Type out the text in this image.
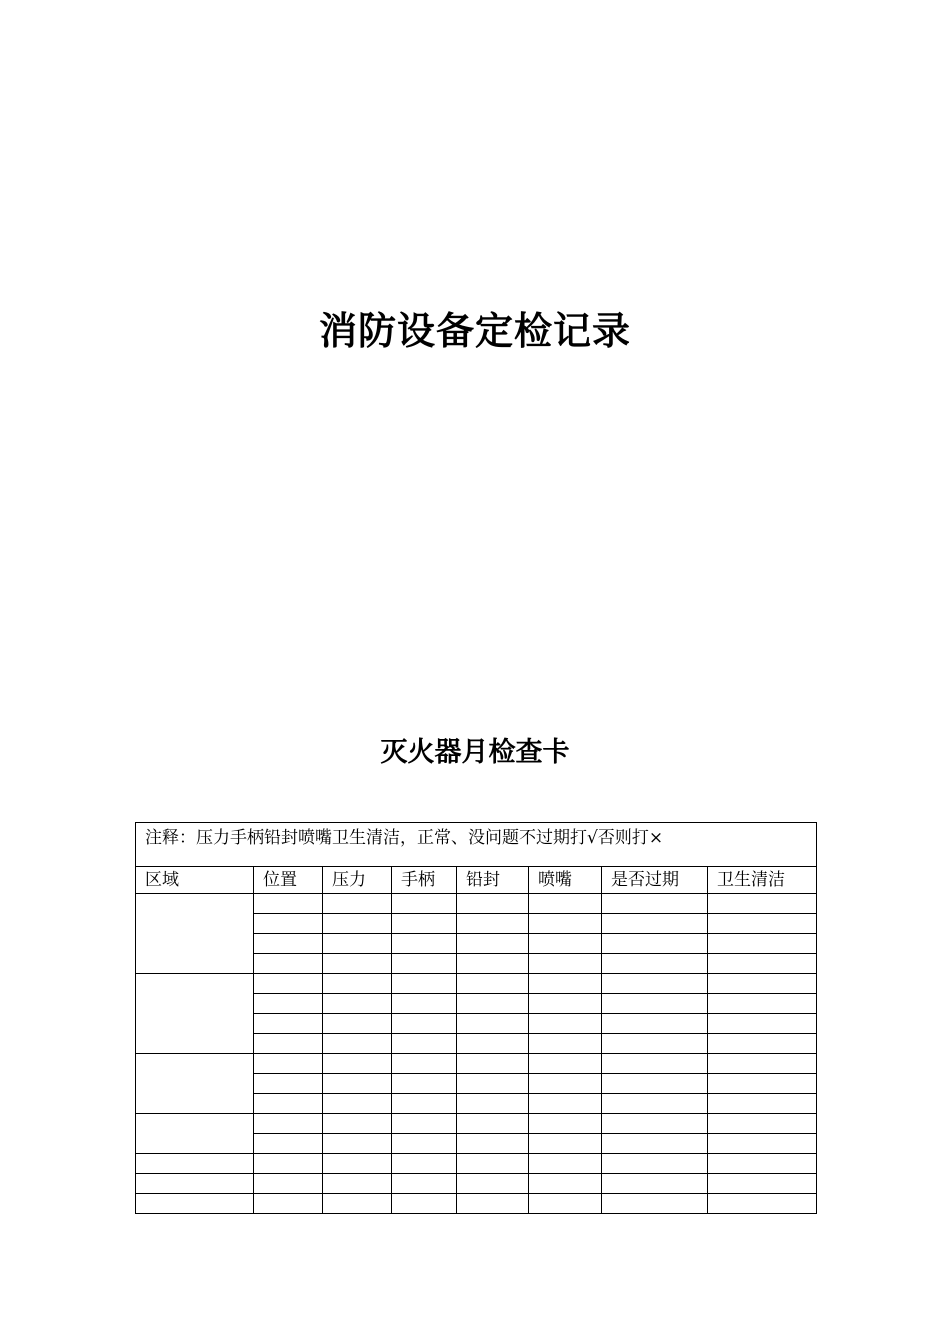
消防设备定检记录
灭火器月检查卡
注释：压力手柄铅封喷嘴卫生清洁，正常、没问题不过期打√否则打×							
区域	位置	压力	手柄	铅封	喷嘴	是否过期	卫生清洁
